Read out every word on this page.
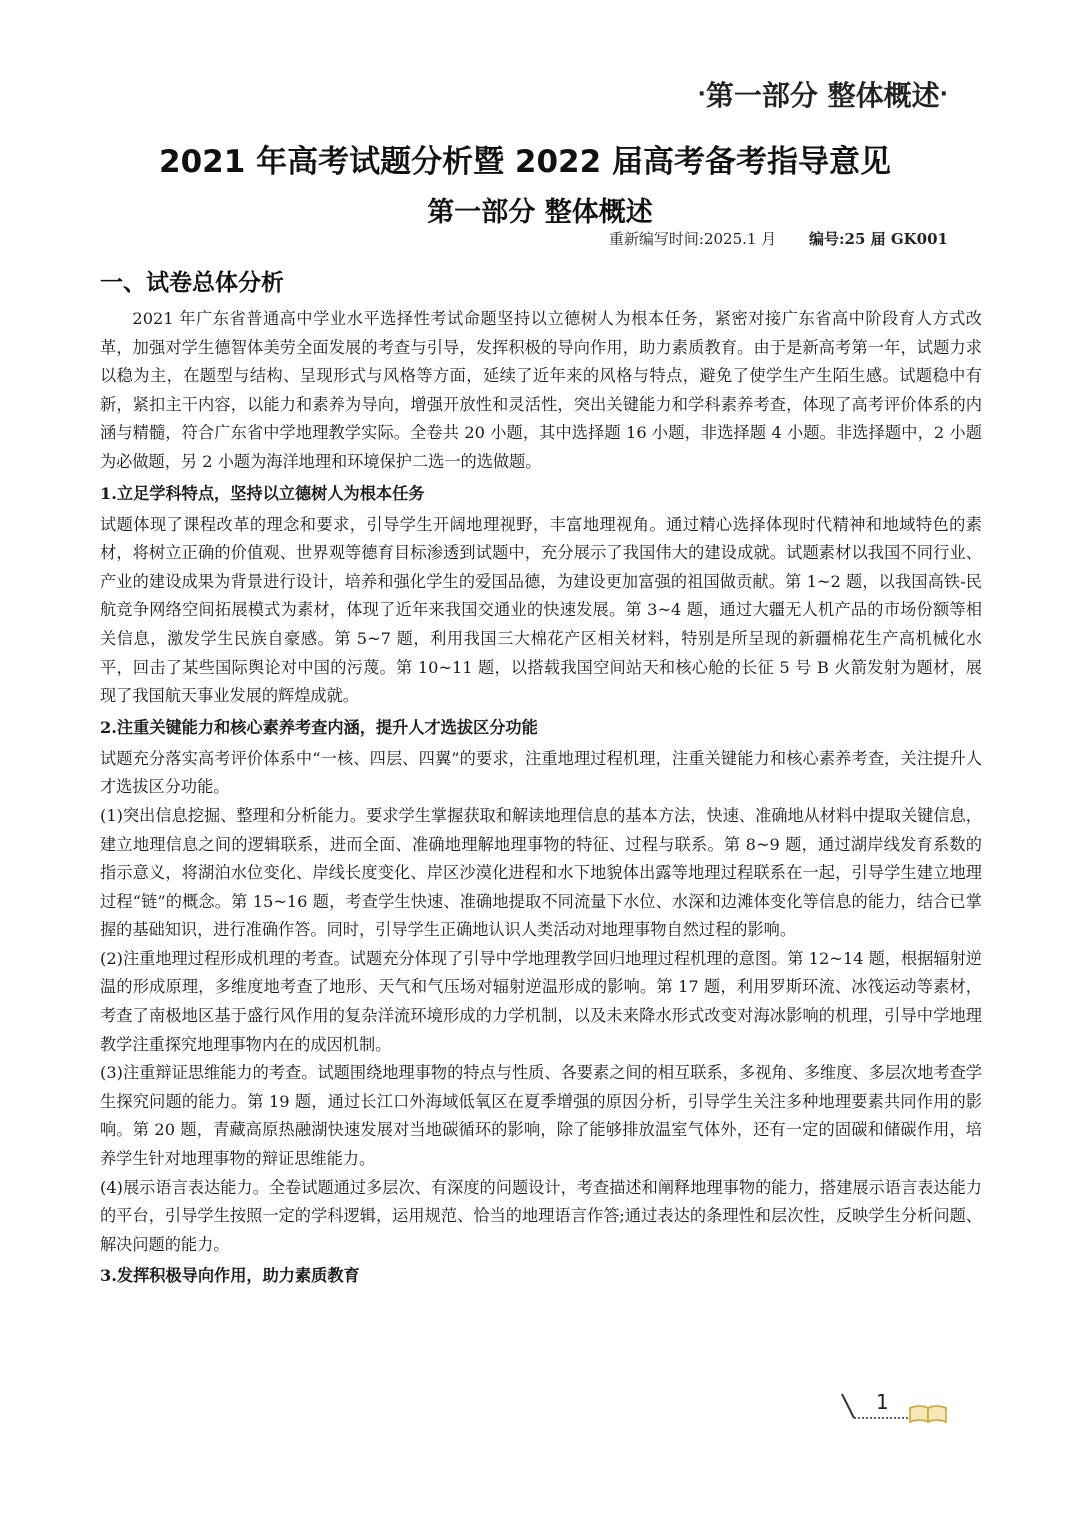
·第一部分 整体概述·
2021 年高考试题分析暨 2022 届高考备考指导意见
第一部分 整体概述
重新编写时间:2025.1 月 编号:25 届 GK001
一、试卷总体分析

2021 年广东省普通高中学业水平选择性考试命题坚持以立德树人为根本任务，紧密对接广东省高中阶段育人方式改革，加强对学生德智体美劳全面发展的考查与引导，发挥积极的导向作用，助力素质教育。由于是新高考第一年，试题力求以稳为主，在题型与结构、呈现形式与风格等方面，延续了近年来的风格与特点，避免了使学生产生陌生感。试题稳中有新，紧扣主干内容，以能力和素养为导向，增强开放性和灵活性，突出关键能力和学科素养考查，体现了高考评价体系的内涵与精髓，符合广东省中学地理教学实际。全卷共 20 小题，其中选择题 16 小题，非选择题 4 小题。非选择题中，2 小题为必做题，另 2 小题为海洋地理和环境保护二选一的选做题。

1.立足学科特点，坚持以立德树人为根本任务

试题体现了课程改革的理念和要求，引导学生开阔地理视野，丰富地理视角。通过精心选择体现时代精神和地域特色的素材，将树立正确的价值观、世界观等德育目标渗透到试题中，充分展示了我国伟大的建设成就。试题素材以我国不同行业、产业的建设成果为背景进行设计，培养和强化学生的爱国品德，为建设更加富强的祖国做贡献。第 1~2 题，以我国高铁-民航竞争网络空间拓展模式为素材，体现了近年来我国交通业的快速发展。第 3~4 题，通过大疆无人机产品的市场份额等相关信息，激发学生民族自豪感。第 5~7 题，利用我国三大棉花产区相关材料，特别是所呈现的新疆棉花生产高机械化水平，回击了某些国际舆论对中国的污蔑。第 10~11 题，以搭载我国空间站天和核心舱的长征 5 号 B 火箭发射为题材，展现了我国航天事业发展的辉煌成就。

2.注重关键能力和核心素养考查内涵，提升人才选拔区分功能

试题充分落实高考评价体系中“一核、四层、四翼”的要求，注重地理过程机理，注重关键能力和核心素养考查，关注提升人才选拔区分功能。

(1)突出信息挖掘、整理和分析能力。要求学生掌握获取和解读地理信息的基本方法，快速、准确地从材料中提取关键信息，建立地理信息之间的逻辑联系，进而全面、准确地理解地理事物的特征、过程与联系。第 8~9 题，通过湖岸线发育系数的指示意义，将湖泊水位变化、岸线长度变化、岸区沙漠化进程和水下地貌体出露等地理过程联系在一起，引导学生建立地理过程“链”的概念。第 15~16 题，考查学生快速、准确地提取不同流量下水位、水深和边滩体变化等信息的能力，结合已掌握的基础知识，进行准确作答。同时，引导学生正确地认识人类活动对地理事物自然过程的影响。

(2)注重地理过程形成机理的考查。试题充分体现了引导中学地理教学回归地理过程机理的意图。第 12~14 题，根据辐射逆温的形成原理，多维度地考查了地形、天气和气压场对辐射逆温形成的影响。第 17 题，利用罗斯环流、冰筏运动等素材，考查了南极地区基于盛行风作用的复杂洋流环境形成的力学机制，以及未来降水形式改变对海冰影响的机理，引导中学地理教学注重探究地理事物内在的成因机制。

(3)注重辩证思维能力的考查。试题围绕地理事物的特点与性质、各要素之间的相互联系，多视角、多维度、多层次地考查学生探究问题的能力。第 19 题，通过长江口外海域低氧区在夏季增强的原因分析，引导学生关注多种地理要素共同作用的影响。第 20 题，青藏高原热融湖快速发展对当地碳循环的影响，除了能够排放温室气体外，还有一定的固碳和储碳作用，培养学生针对地理事物的辩证思维能力。

(4)展示语言表达能力。全卷试题通过多层次、有深度的问题设计，考查描述和阐释地理事物的能力，搭建展示语言表达能力的平台，引导学生按照一定的学科逻辑，运用规范、恰当的地理语言作答;通过表达的条理性和层次性，反映学生分析问题、解决问题的能力。

3.发挥积极导向作用，助力素质教育
1
